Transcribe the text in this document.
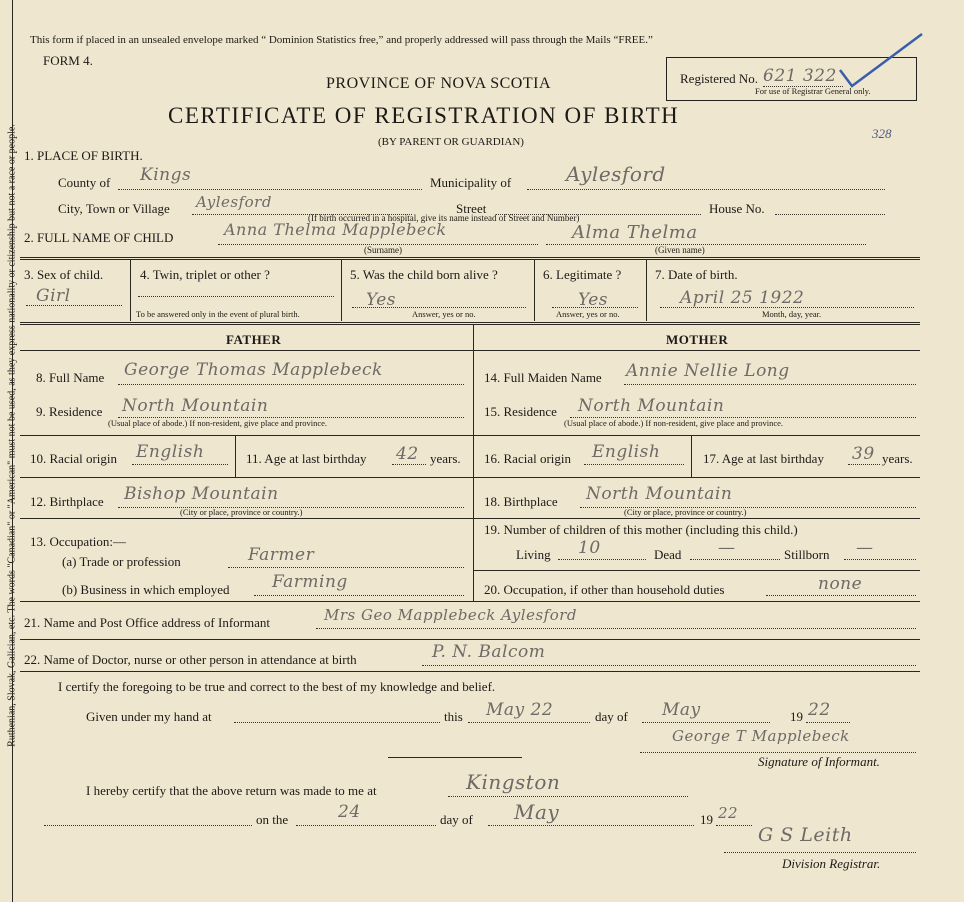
Ruthenian, Slovak, Galician, etc. The words "Canadian" or "American" must not be used, as they express nationality or citizenship but not a race or people.
This form if placed in an unsealed envelope marked “ Dominion Statistics free,” and properly addressed will pass through the Mails “FREE.”
FORM 4.
PROVINCE OF NOVA SCOTIA
CERTIFICATE OF REGISTRATION OF BIRTH
(BY PARENT OR GUARDIAN)
Registered No. 621 322
For use of Registrar General only.
328
1. PLACE OF BIRTH.
County of Kings	Municipality of	Aylesford
City, Town or Village Aylesford	Street	House No.
(If birth occurred in a hospital, give its name instead of Street and Number)
2. FULL NAME OF CHILD	Anna Thelma Mapplebeck
(Surname)
Alma Thelma
(Given name)
3. Sex of child.
Girl
4. Twin, triplet or other ?
To be answered only in the event of plural birth.
5. Was the child born alive ?
Yes
Answer, yes or no.
6. Legitimate ?
Yes
Answer, yes or no.
7. Date of birth.
April 25 1922
Month, day, year.
FATHER	MOTHER
8. Full Name George Thomas Mapplebeck
9. Residence North Mountain
(Usual place of abode.) If non-resident, give place and province.
10. Racial origin English	11. Age at last birthday 42 years.
12. Birthplace Bishop Mountain
(City or place, province or country.)
13. Occupation:—
(a) Trade or profession	Farmer
(b) Business in which employed Farming
14. Full Maiden Name Annie Nellie Long
15. Residence North Mountain
(Usual place of abode.) If non-resident, give place and province.
16. Racial origin English	17. Age at last birthday 39 years.
18. Birthplace North Mountain
(City or place, province or country.)
19. Number of children of this mother (including this child.)
Living 10	Dead —	Stillborn —
20. Occupation, if other than household duties	none
21. Name and Post Office address of Informant	Mrs Geo Mapplebeck Aylesford
22. Name of Doctor, nurse or other person in attendance at birth	P. N. Balcom
I certify the foregoing to be true and correct to the best of my knowledge and belief.
Given under my hand at	this May 22	day of May	19 22
George T Mapplebeck
Signature of Informant.
I hereby certify that the above return was made to me at	Kingston
on the	24	day of May	19 22
G S Leith
Division Registrar.
